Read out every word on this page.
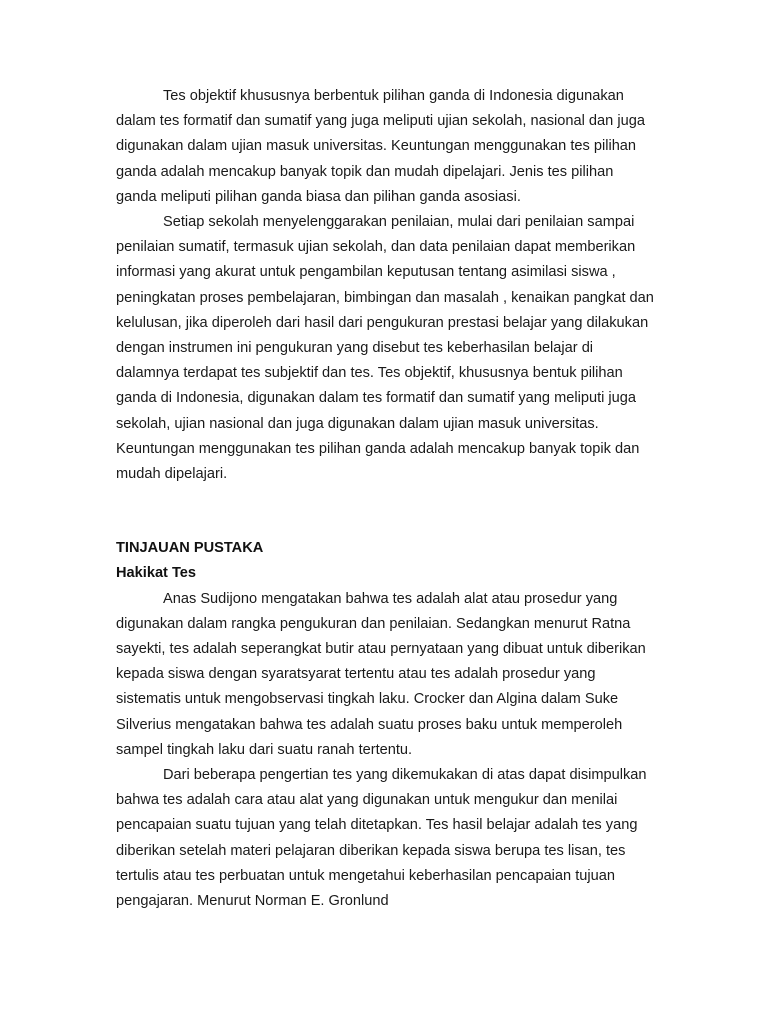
Tes objektif khususnya berbentuk pilihan ganda di Indonesia digunakan dalam tes formatif dan sumatif yang juga meliputi ujian sekolah, nasional dan juga digunakan dalam ujian masuk universitas. Keuntungan menggunakan tes pilihan ganda adalah mencakup banyak topik dan mudah dipelajari. Jenis tes pilihan ganda meliputi pilihan ganda biasa dan pilihan ganda asosiasi.

Setiap sekolah menyelenggarakan penilaian, mulai dari penilaian sampai penilaian sumatif, termasuk ujian sekolah, dan data penilaian dapat memberikan informasi yang akurat untuk pengambilan keputusan tentang asimilasi siswa , peningkatan proses pembelajaran, bimbingan dan masalah , kenaikan pangkat dan kelulusan, jika diperoleh dari hasil dari pengukuran prestasi belajar yang dilakukan dengan instrumen ini pengukuran yang disebut tes keberhasilan belajar di dalamnya terdapat tes subjektif dan tes. Tes objektif, khususnya bentuk pilihan ganda di Indonesia, digunakan dalam tes formatif dan sumatif yang meliputi juga sekolah, ujian nasional dan juga digunakan dalam ujian masuk universitas. Keuntungan menggunakan tes pilihan ganda adalah mencakup banyak topik dan mudah dipelajari.

TINJAUAN PUSTAKA

Hakikat Tes

Anas Sudijono mengatakan bahwa tes adalah alat atau prosedur yang digunakan dalam rangka pengukuran dan penilaian. Sedangkan menurut Ratna sayekti, tes adalah seperangkat butir atau pernyataan yang dibuat untuk diberikan kepada siswa dengan syaratsyarat tertentu atau tes adalah prosedur yang sistematis untuk mengobservasi tingkah laku. Crocker dan Algina dalam Suke Silverius mengatakan bahwa tes adalah suatu proses baku untuk memperoleh sampel tingkah laku dari suatu ranah tertentu.

Dari beberapa pengertian tes yang dikemukakan di atas dapat disimpulkan bahwa tes adalah cara atau alat yang digunakan untuk mengukur dan menilai pencapaian suatu tujuan yang telah ditetapkan. Tes hasil belajar adalah tes yang diberikan setelah materi pelajaran diberikan kepada siswa berupa tes lisan, tes tertulis atau tes perbuatan untuk mengetahui keberhasilan pencapaian tujuan pengajaran. Menurut Norman E. Gronlund
